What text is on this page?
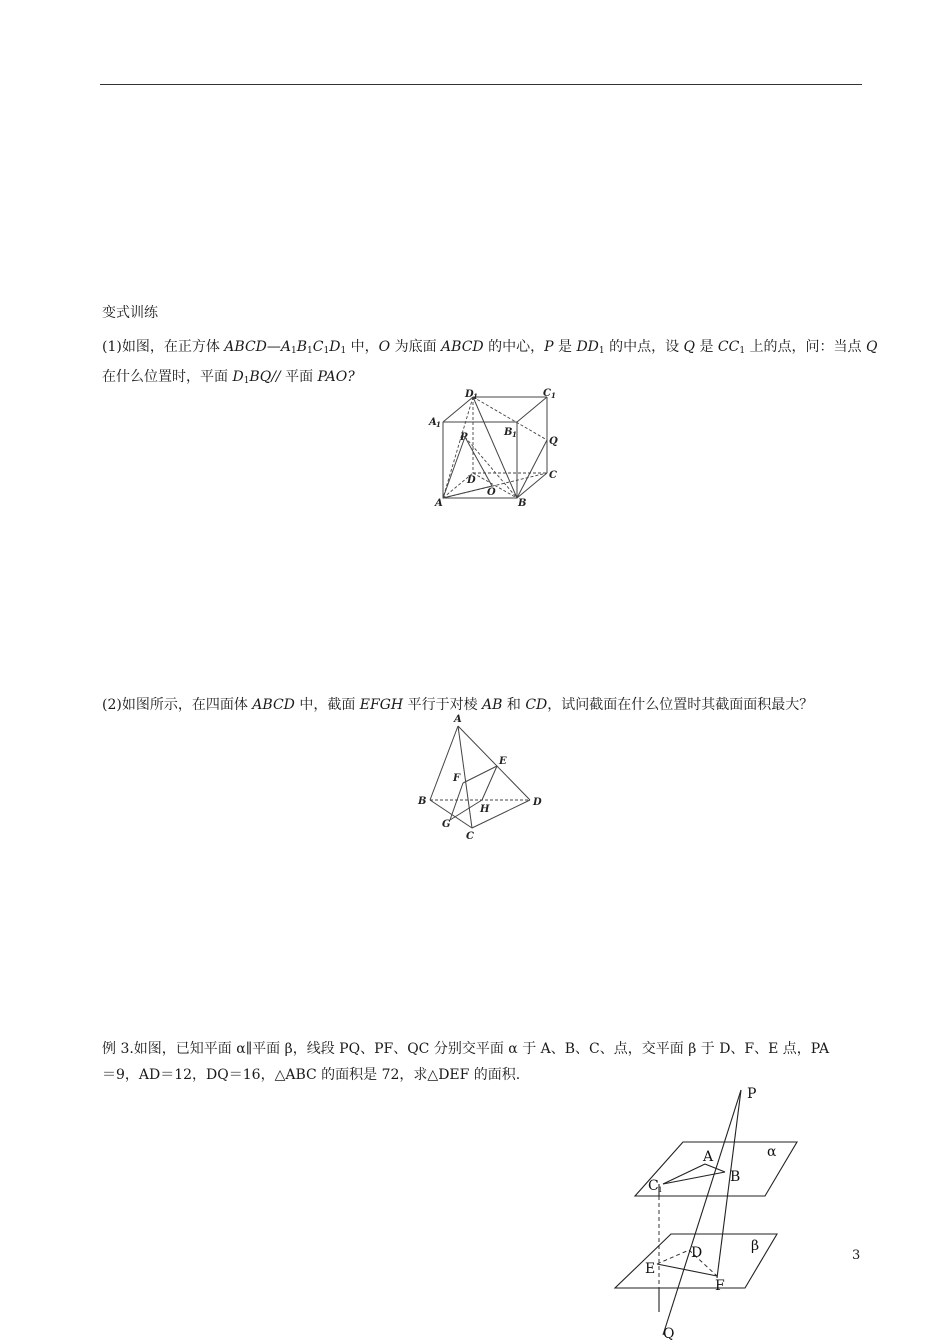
变式训练
(1)如图，在正方体 $ABCD—A_1B_1C_1D_1$ 中，O 为底面 ABCD 的中心，P 是 $DD_1$ 的中点，设 Q 是 $CC_1$ 上的点，问：当点 Q
在什么位置时，平面 $D_1BQ//$ 平面 PAO?
D 1	C 1
A 1
B 1
P	Q
C
D
O
A	B
(2)如图所示，在四面体 ABCD 中，截面 EFGH 平行于对棱 AB 和 CD，试问截面在什么位置时其截面面积最大？
A
E
F
B
H
D
G
C
例 3.如图，已知平面 α∥平面 β，线段 PQ、PF、QC 分别交平面 α 于 A、B、C、点，交平面 β 于 D、F、E 点，PA
＝9，AD＝12，DQ＝16，△ABC 的面积是 72，求△DEF 的面积.
P
A	α
B
C 1
D	β
E
F
Q
3
